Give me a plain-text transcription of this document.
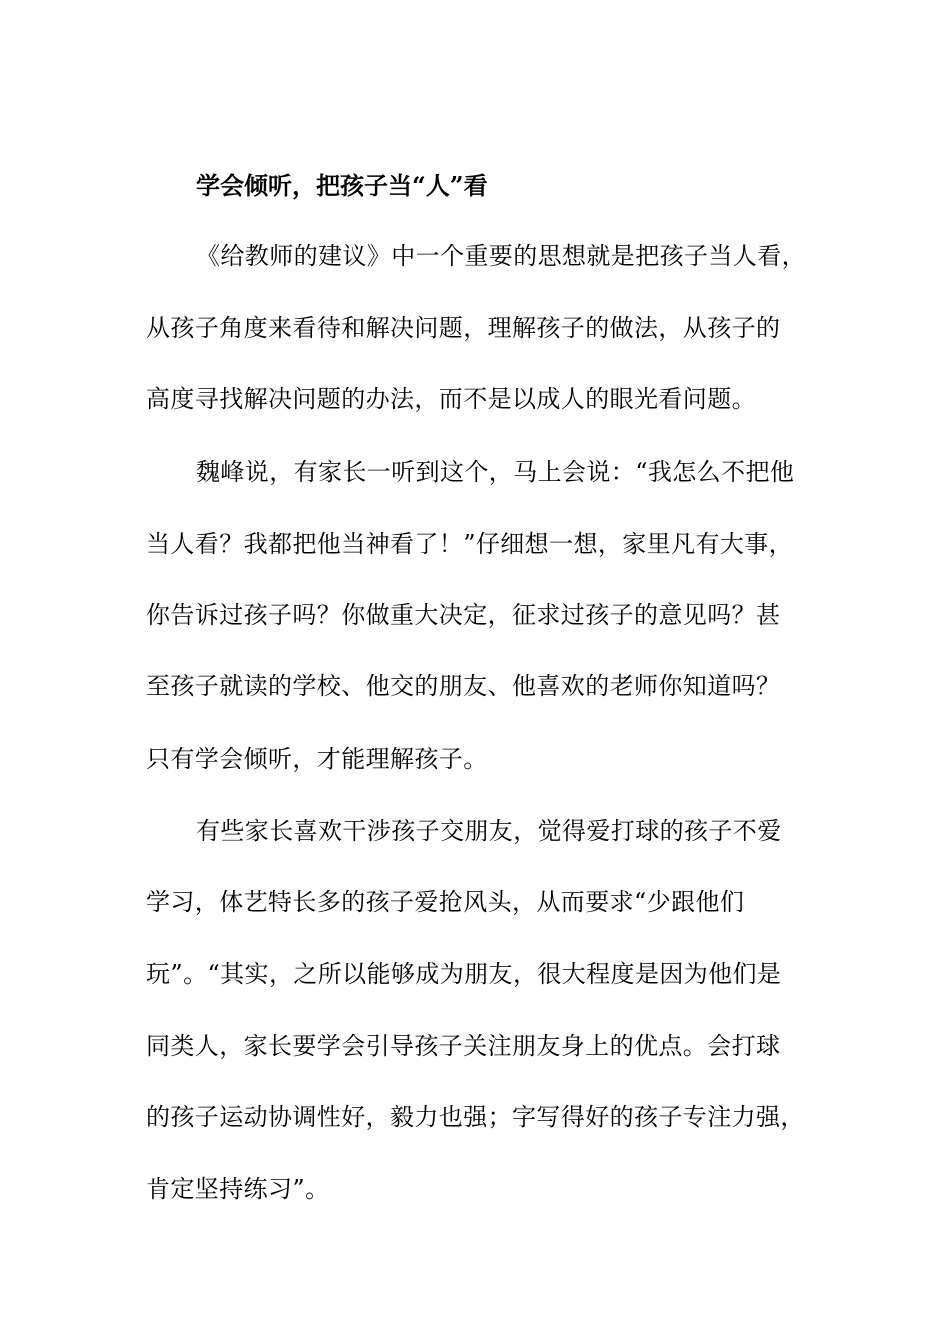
学会倾听，把孩子当“人”看
《给教师的建议》中一个重要的思想就是把孩子当人看，
从孩子角度来看待和解决问题，理解孩子的做法，从孩子的
高度寻找解决问题的办法，而不是以成人的眼光看问题。
魏峰说，有家长一听到这个，马上会说：“我怎么不把他
当人看？我都把他当神看了！”仔细想一想，家里凡有大事，
你告诉过孩子吗？你做重大决定，征求过孩子的意见吗？甚
至孩子就读的学校、他交的朋友、他喜欢的老师你知道吗？
只有学会倾听，才能理解孩子。
有些家长喜欢干涉孩子交朋友，觉得爱打球的孩子不爱
学习，体艺特长多的孩子爱抢风头，从而要求“少跟他们
玩”。“其实，之所以能够成为朋友，很大程度是因为他们是
同类人，家长要学会引导孩子关注朋友身上的优点。会打球
的孩子运动协调性好，毅力也强；字写得好的孩子专注力强，
肯定坚持练习”。
